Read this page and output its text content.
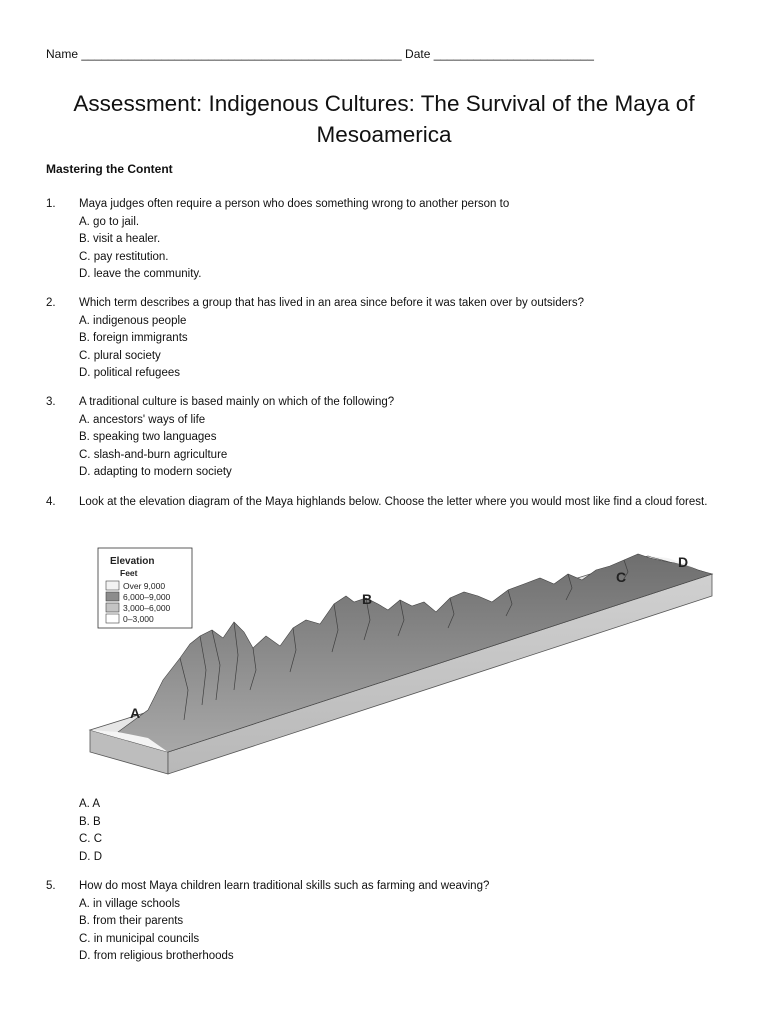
Name ________________________________________________ Date ________________________
Assessment: Indigenous Cultures: The Survival of the Maya of
Mesoamerica
Mastering the Content
1.	Maya judges often require a person who does something wrong to another person to
A. go to jail.
B. visit a healer.
C. pay restitution.
D. leave the community.
2.	Which term describes a group that has lived in an area since before it was taken over by outsiders?
A. indigenous people
B. foreign immigrants
C. plural society
D. political refugees
3.	A traditional culture is based mainly on which of the following?
A. ancestors' ways of life
B. speaking two languages
C. slash-and-burn agriculture
D. adapting to modern society
4.	Look at the elevation diagram of the Maya highlands below. Choose the letter where you would most like find a cloud forest.
Elevation
Feet
Over 9,000
6,000–9,000
3,000–6,000
0–3,000
A
B
C
D
A. A
B. B
C. C
D. D
5.	How do most Maya children learn traditional skills such as farming and weaving?
A. in village schools
B. from their parents
C. in municipal councils
D. from religious brotherhoods
